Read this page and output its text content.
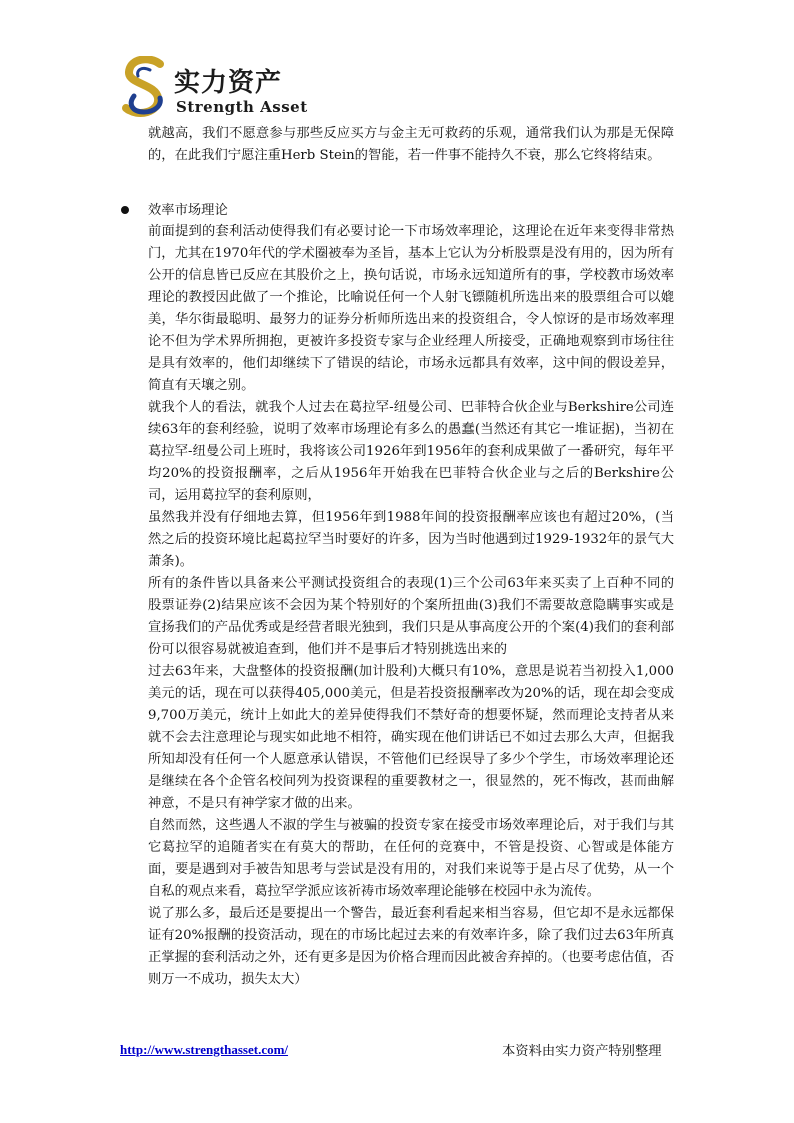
实力资产
Strength Asset

就越高，我们不愿意参与那些反应买方与金主无可救药的乐观，通常我们认为那是无保障的，在此我们宁愿注重Herb Stein的智能，若一件事不能持久不衰，那么它终将结束。

效率市场理论

前面提到的套利活动使得我们有必要讨论一下市场效率理论，这理论在近年来变得非常热门，尤其在1970年代的学术圈被奉为圣旨，基本上它认为分析股票是没有用的，因为所有公开的信息皆已反应在其股价之上，换句话说，市场永远知道所有的事，学校教市场效率理论的教授因此做了一个推论，比喻说任何一个人射飞镖随机所选出来的股票组合可以媲美，华尔街最聪明、最努力的证券分析师所选出来的投资组合，令人惊讶的是市场效率理论不但为学术界所拥抱，更被许多投资专家与企业经理人所接受，正确地观察到市场往往是具有效率的，他们却继续下了错误的结论，市场永远都具有效率，这中间的假设差异，简直有天壤之别。

就我个人的看法，就我个人过去在葛拉罕-纽曼公司、巴菲特合伙企业与Berkshire公司连续63年的套利经验，说明了效率市场理论有多么的愚蠢(当然还有其它一堆证据)，当初在葛拉罕-纽曼公司上班时，我将该公司1926年到1956年的套利成果做了一番研究，每年平均20%的投资报酬率，之后从1956年开始我在巴菲特合伙企业与之后的Berkshire公司，运用葛拉罕的套利原则，

虽然我并没有仔细地去算，但1956年到1988年间的投资报酬率应该也有超过20%，(当然之后的投资环境比起葛拉罕当时要好的许多，因为当时他遇到过1929-1932年的景气大萧条)。

所有的条件皆以具备来公平测试投资组合的表现(1)三个公司63年来买卖了上百种不同的股票证券(2)结果应该不会因为某个特别好的个案所扭曲(3)我们不需要故意隐瞒事实或是宣扬我们的产品优秀或是经营者眼光独到，我们只是从事高度公开的个案(4)我们的套利部份可以很容易就被追查到，他们并不是事后才特别挑选出来的

过去63年来，大盘整体的投资报酬(加计股利)大概只有10%，意思是说若当初投入1,000美元的话，现在可以获得405,000美元，但是若投资报酬率改为20%的话，现在却会变成9,700万美元，统计上如此大的差异使得我们不禁好奇的想要怀疑，然而理论支持者从来就不会去注意理论与现实如此地不相符，确实现在他们讲话已不如过去那么大声，但据我所知却没有任何一个人愿意承认错误，不管他们已经误导了多少个学生，市场效率理论还是继续在各个企管名校间列为投资课程的重要教材之一，很显然的，死不悔改，甚而曲解神意，不是只有神学家才做的出来。

自然而然，这些遇人不淑的学生与被骗的投资专家在接受市场效率理论后，对于我们与其它葛拉罕的追随者实在有莫大的帮助，在任何的竞赛中，不管是投资、心智或是体能方面，要是遇到对手被告知思考与尝试是没有用的，对我们来说等于是占尽了优势，从一个自私的观点来看，葛拉罕学派应该祈祷市场效率理论能够在校园中永为流传。

说了那么多，最后还是要提出一个警告，最近套利看起来相当容易，但它却不是永远都保证有20%报酬的投资活动，现在的市场比起过去来的有效率许多，除了我们过去63年所真正掌握的套利活动之外，还有更多是因为价格合理而因此被舍弃掉的。（也要考虑估值，否则万一不成功，损失太大）

http://www.strengthasset.com/	本资料由实力资产特别整理
